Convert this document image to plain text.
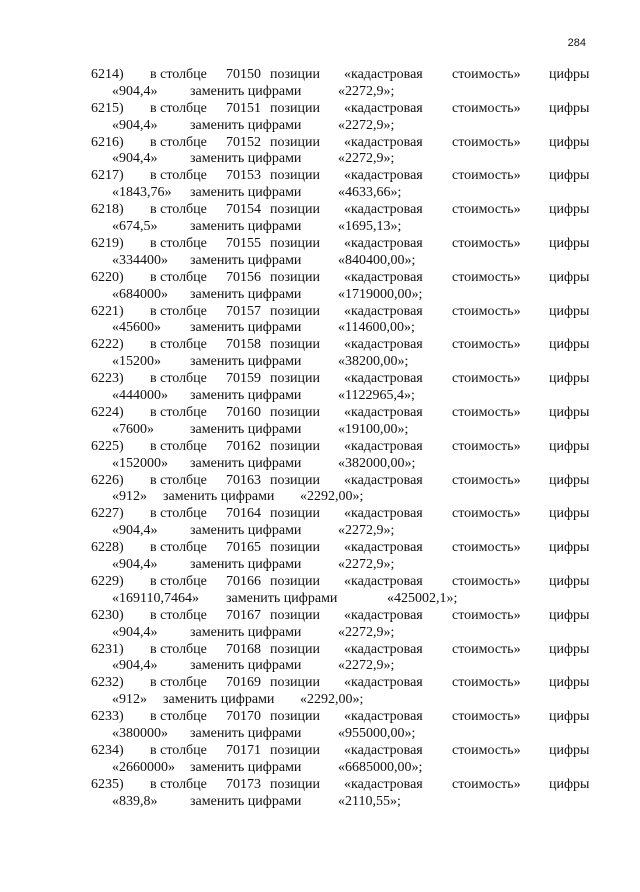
284
6214) в столбце 70150 позиции «кадастровая стоимость» цифры
«904,4» заменить цифрами	«2272,9»;
6215) в столбце 70151 позиции «кадастровая стоимость» цифры
«904,4» заменить цифрами	«2272,9»;
6216) в столбце 70152 позиции «кадастровая стоимость» цифры
«904,4» заменить цифрами	«2272,9»;
6217) в столбце 70153 позиции «кадастровая стоимость» цифры
«1843,76» заменить цифрами	«4633,66»;
6218) в столбце 70154 позиции «кадастровая стоимость» цифры
«674,5» заменить цифрами	«1695,13»;
6219) в столбце 70155 позиции «кадастровая стоимость» цифры
«334400» заменить цифрами	«840400,00»;
6220) в столбце 70156 позиции «кадастровая стоимость» цифры
«684000» заменить цифрами	«1719000,00»;
6221) в столбце 70157 позиции «кадастровая стоимость» цифры
«45600» заменить цифрами	«114600,00»;
6222) в столбце 70158 позиции «кадастровая стоимость» цифры
«15200» заменить цифрами	«38200,00»;
6223) в столбце 70159 позиции «кадастровая стоимость» цифры
«444000» заменить цифрами	«1122965,4»;
6224) в столбце 70160 позиции «кадастровая стоимость» цифры
«7600»	заменить цифрами	«19100,00»;
6225) в столбце 70162 позиции «кадастровая стоимость» цифры
«152000» заменить цифрами	«382000,00»;
6226) в столбце 70163 позиции «кадастровая стоимость» цифры
«912» заменить цифрами «2292,00»;
6227) в столбце 70164 позиции «кадастровая стоимость» цифры
«904,4» заменить цифрами	«2272,9»;
6228) в столбце 70165 позиции «кадастровая стоимость» цифры
«904,4» заменить цифрами	«2272,9»;
6229) в столбце 70166 позиции «кадастровая стоимость» цифры
«169110,7464» заменить цифрами	«425002,1»;
6230) в столбце 70167 позиции «кадастровая стоимость» цифры
«904,4» заменить цифрами	«2272,9»;
6231) в столбце 70168 позиции «кадастровая стоимость» цифры
«904,4» заменить цифрами	«2272,9»;
6232) в столбце 70169 позиции «кадастровая стоимость» цифры
«912» заменить цифрами «2292,00»;
6233) в столбце 70170 позиции «кадастровая стоимость» цифры
«380000» заменить цифрами	«955000,00»;
6234) в столбце 70171 позиции «кадастровая стоимость» цифры
«2660000» заменить цифрами	«6685000,00»;
6235) в столбце 70173 позиции «кадастровая стоимость» цифры
«839,8» заменить цифрами	«2110,55»;
